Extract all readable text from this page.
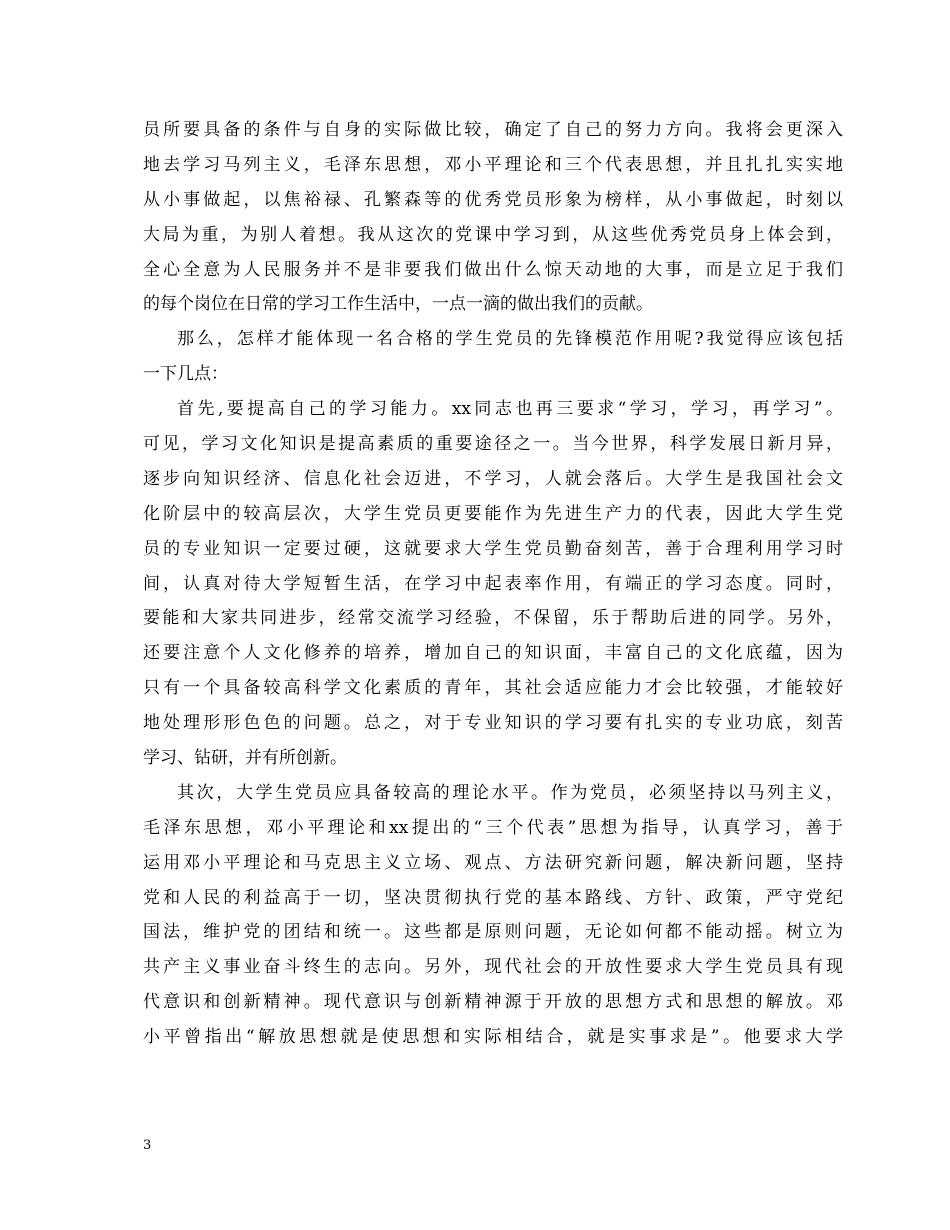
员所要具备的条件与自身的实际做比较，确定了自己的努力方向。我将会更深入
地去学习马列主义，毛泽东思想，邓小平理论和三个代表思想，并且扎扎实实地
从小事做起，以焦裕禄、孔繁森等的优秀党员形象为榜样，从小事做起，时刻以
大局为重，为别人着想。我从这次的党课中学习到，从这些优秀党员身上体会到，
全心全意为人民服务并不是非要我们做出什么惊天动地的大事，而是立足于我们
的每个岗位在日常的学习工作生活中，一点一滴的做出我们的贡献。
那么，怎样才能体现一名合格的学生党员的先锋模范作用呢?我觉得应该包括
一下几点：
首先,要提高自己的学习能力。xx同志也再三要求“学习，学习，再学习”。
可见，学习文化知识是提高素质的重要途径之一。当今世界，科学发展日新月异，
逐步向知识经济、信息化社会迈进，不学习，人就会落后。大学生是我国社会文
化阶层中的较高层次，大学生党员更要能作为先进生产力的代表，因此大学生党
员的专业知识一定要过硬，这就要求大学生党员勤奋刻苦，善于合理利用学习时
间，认真对待大学短暂生活，在学习中起表率作用，有端正的学习态度。同时，
要能和大家共同进步，经常交流学习经验，不保留，乐于帮助后进的同学。另外，
还要注意个人文化修养的培养，增加自己的知识面，丰富自己的文化底蕴，因为
只有一个具备较高科学文化素质的青年，其社会适应能力才会比较强，才能较好
地处理形形色色的问题。总之，对于专业知识的学习要有扎实的专业功底，刻苦
学习、钻研，并有所创新。
其次，大学生党员应具备较高的理论水平。作为党员，必须坚持以马列主义，
毛泽东思想，邓小平理论和xx提出的“三个代表”思想为指导，认真学习，善于
运用邓小平理论和马克思主义立场、观点、方法研究新问题，解决新问题，坚持
党和人民的利益高于一切，坚决贯彻执行党的基本路线、方针、政策，严守党纪
国法，维护党的团结和统一。这些都是原则问题，无论如何都不能动摇。树立为
共产主义事业奋斗终生的志向。另外，现代社会的开放性要求大学生党员具有现
代意识和创新精神。现代意识与创新精神源于开放的思想方式和思想的解放。邓
小平曾指出“解放思想就是使思想和实际相结合，就是实事求是”。他要求大学
3
